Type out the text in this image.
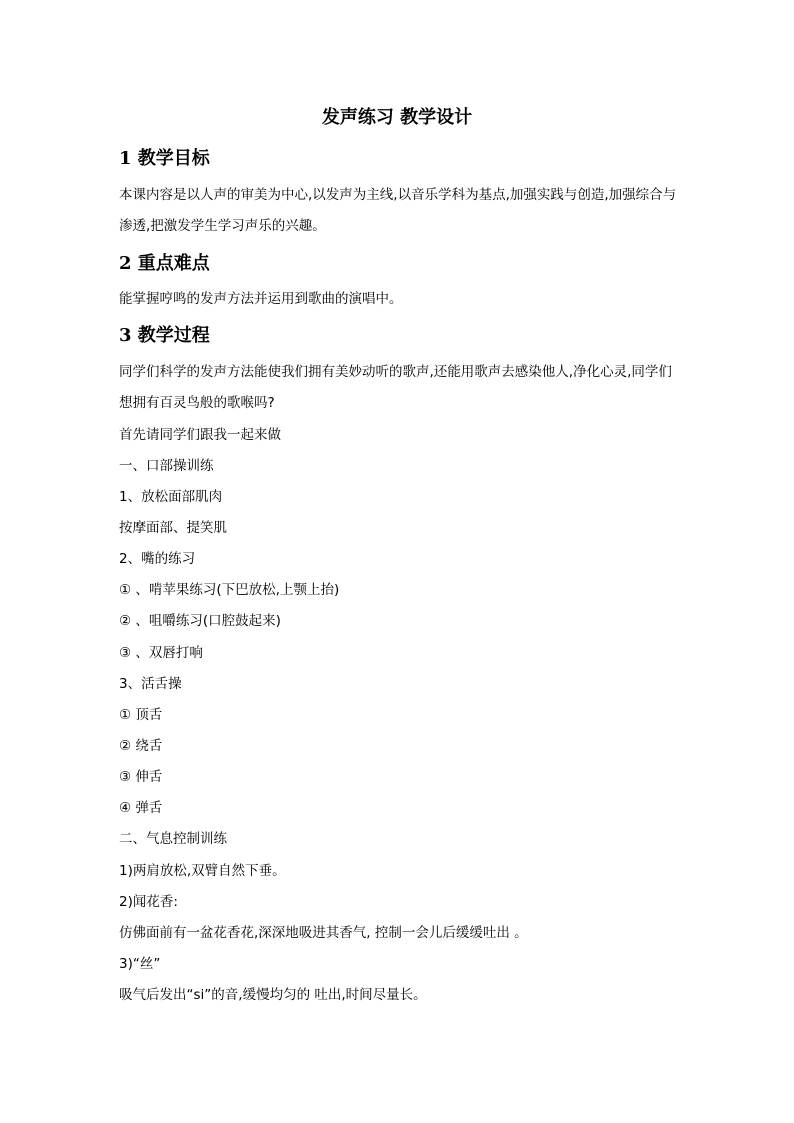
发声练习 教学设计
1 教学目标
本课内容是以人声的审美为中心,以发声为主线,以音乐学科为基点,加强实践与创造,加强综合与渗透,把激发学生学习声乐的兴趣。
2 重点难点
能掌握哼鸣的发声方法并运用到歌曲的演唱中。
3 教学过程
同学们科学的发声方法能使我们拥有美妙动听的歌声,还能用歌声去感染他人,净化心灵,同学们想拥有百灵鸟般的歌喉吗?
首先请同学们跟我一起来做
一、口部操训练
1、放松面部肌肉
按摩面部、提笑肌
2、嘴的练习
① 、啃苹果练习(下巴放松,上颚上抬)
② 、咀嚼练习(口腔鼓起来)
③ 、双唇打响
3、活舌操
① 顶舌
② 绕舌
③ 伸舌
④ 弹舌
二、气息控制训练
1)两肩放松,双臂自然下垂。
2)闻花香:
仿佛面前有一盆花香花,深深地吸进其香气, 控制一会儿后缓缓吐出 。
3)“丝”
吸气后发出“si”的音,缓慢均匀的 吐出,时间尽量长。
